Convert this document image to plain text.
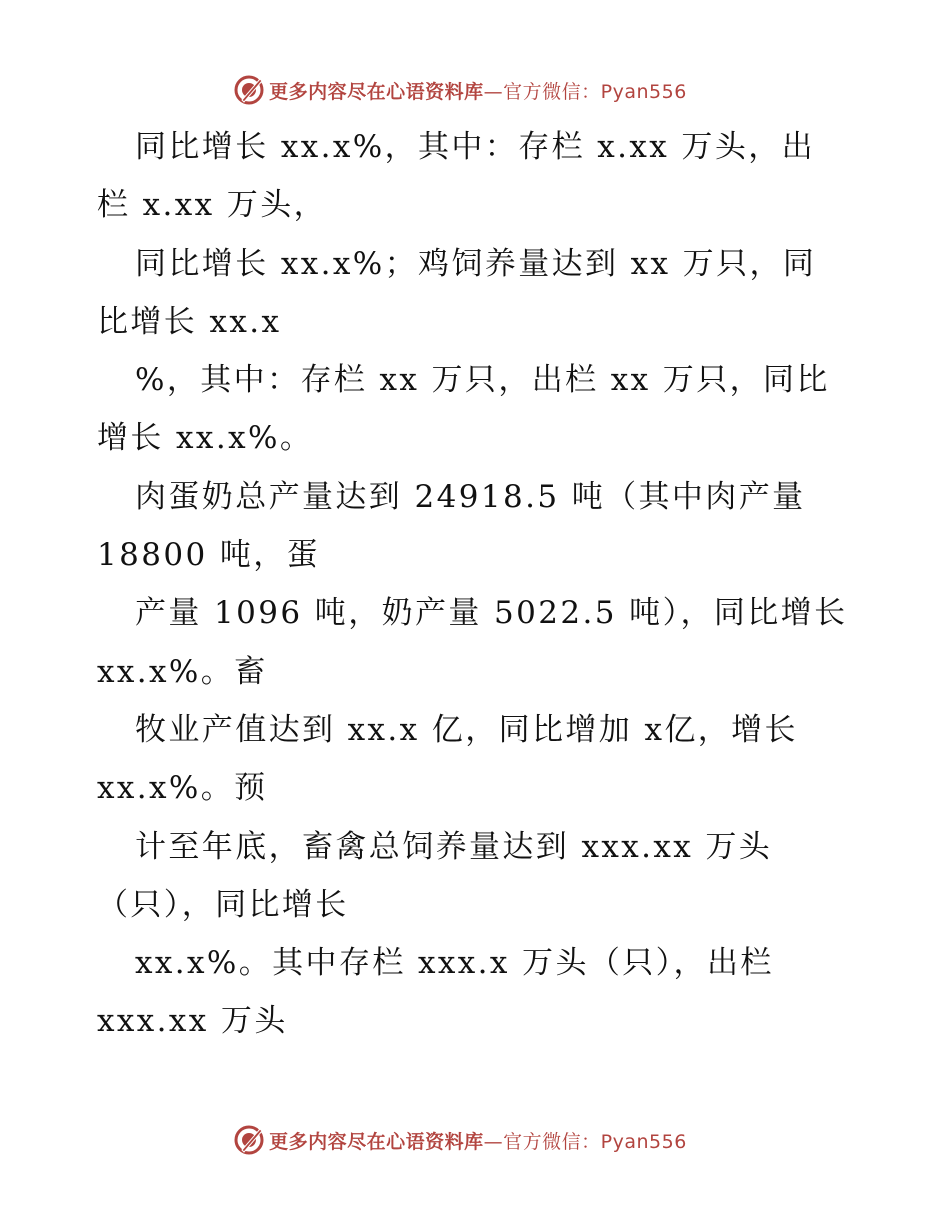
更多内容尽在心语资料库—官方微信：Pyan556
同比增长 xx.x%，其中：存栏 x.xx 万头，出
栏 x.xx 万头，
同比增长 xx.x%；鸡饲养量达到 xx 万只，同
比增长 xx.x
%，其中：存栏 xx 万只，出栏 xx 万只，同比
增长 xx.x%。
肉蛋奶总产量达到 24918.5 吨（其中肉产量
18800 吨，蛋
产量 1096 吨，奶产量 5022.5 吨），同比增长
xx.x%。畜
牧业产值达到 xx.x 亿，同比增加 x亿，增长
xx.x%。预
计至年底，畜禽总饲养量达到 xxx.xx 万头
（只），同比增长
xx.x%。其中存栏 xxx.x 万头（只），出栏
xxx.xx 万头
更多内容尽在心语资料库—官方微信：Pyan556
